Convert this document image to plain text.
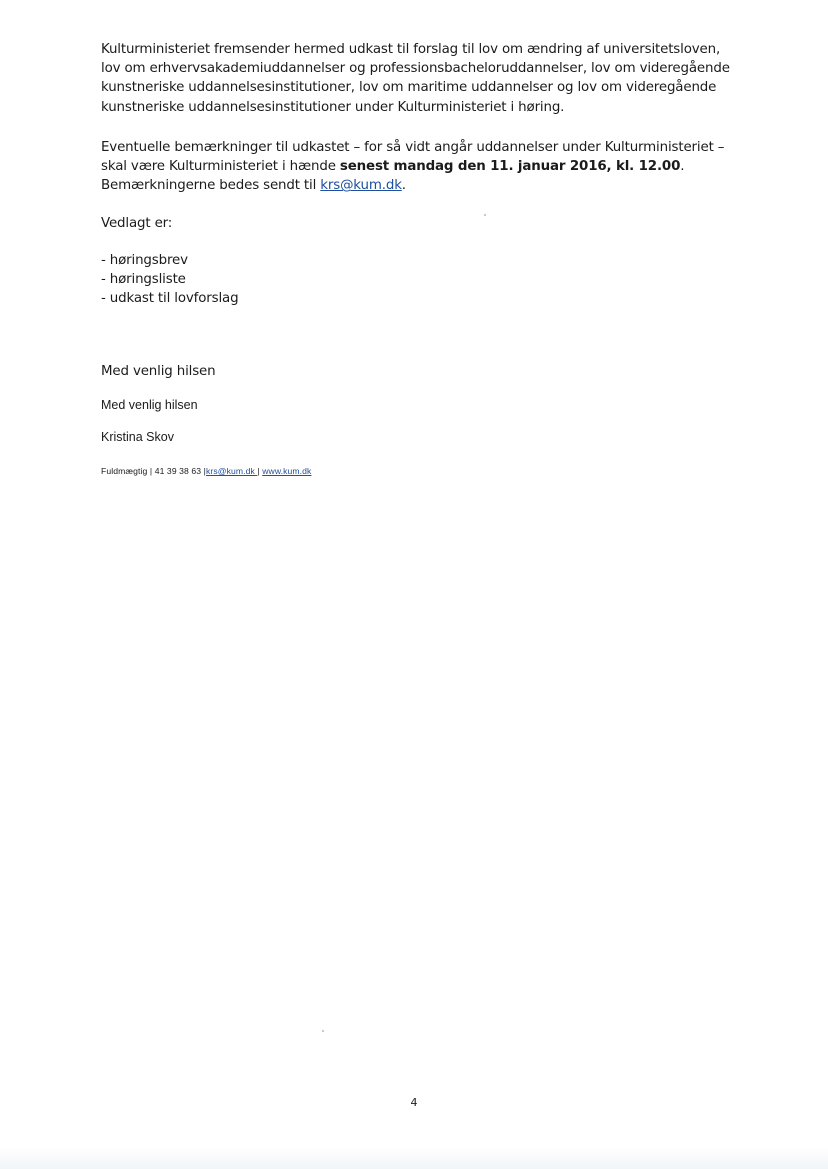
Kulturministeriet fremsender hermed udkast til forslag til lov om ændring af universitetsloven, lov om erhvervsakademiuddannelser og professionsbacheloruddannelser, lov om videregående kunstneriske uddannelsesinstitutioner, lov om maritime uddannelser og lov om videregående kunstneriske uddannelsesinstitutioner under Kulturministeriet i høring.

Eventuelle bemærkninger til udkastet – for så vidt angår uddannelser under Kulturministeriet – skal være Kulturministeriet i hænde senest mandag den 11. januar 2016, kl. 12.00. Bemærkningerne bedes sendt til krs@kum.dk.

Vedlagt er:

- høringsbrev
- høringsliste
- udkast til lovforslag

Med venlig hilsen

Med venlig hilsen

Kristina Skov

Fuldmægtig | 41 39 38 63 |krs@kum.dk | www.kum.dk

4
